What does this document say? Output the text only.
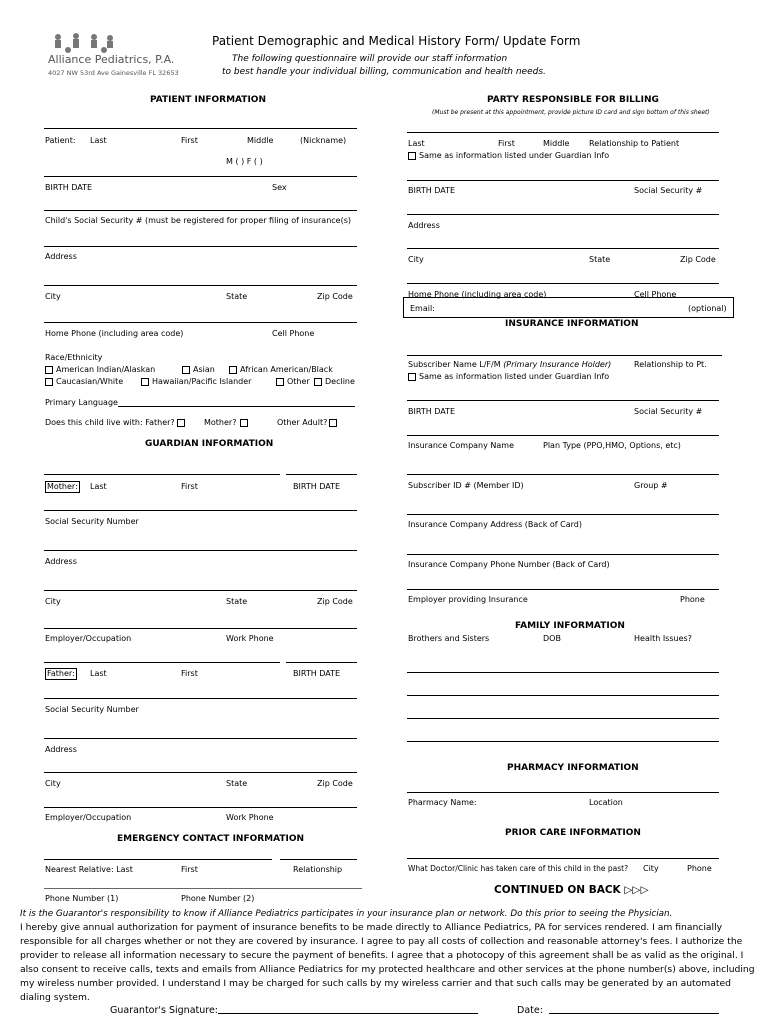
Alliance Pediatrics, P.A.
4027 NW 53rd Ave Gainesville FL 32653
Patient Demographic and Medical History Form/ Update Form
The following questionnaire will provide our staff information
to best handle your individual billing, communication and health needs.
PATIENT INFORMATION
Patient: Last	First	Middle	(Nickname)
M ( ) F ( )
BIRTH DATE	Sex
Child's Social Security # (must be registered for proper filing of insurance(s)
Address
City	State	Zip Code
Home Phone (including area code)	Cell Phone
Race/Ethnicity
American Indian/Alaskan	Asian	African American/Black
Caucasian/White	Hawaiian/Pacific Islander	Other	Decline
Primary Language
Does this child live with: Father?	Mother?	Other Adult?
GUARDIAN INFORMATION
Mother: Last	First	BIRTH DATE
Social Security Number
Address
City	State	Zip Code
Employer/Occupation	Work Phone
Father: Last	First	BIRTH DATE
Social Security Number
Address
City	State	Zip Code
Employer/Occupation	Work Phone
EMERGENCY CONTACT INFORMATION
Nearest Relative: Last	First	Relationship
Phone Number (1)	Phone Number (2)
PARTY RESPONSIBLE FOR BILLING
(Must be present at this appointment, provide picture ID card and sign bottom of this sheet)
Last	First	Middle Relationship to Patient
Same as information listed under Guardian Info
BIRTH DATE	Social Security #
Address
City	State	Zip Code
Home Phone (including area code)	Cell Phone
Email:	(optional)
INSURANCE INFORMATION
Subscriber Name L/F/M (Primary Insurance Holder)	Relationship to Pt.
Same as information listed under Guardian Info
BIRTH DATE	Social Security #
Insurance Company Name	Plan Type (PPO,HMO, Options, etc)
Subscriber ID # (Member ID)	Group #
Insurance Company Address (Back of Card)
Insurance Company Phone Number (Back of Card)
Employer providing Insurance	Phone
FAMILY INFORMATION
Brothers and Sisters	DOB	Health Issues?
PHARMACY INFORMATION
Pharmacy Name:	Location
PRIOR CARE INFORMATION
What Doctor/Clinic has taken care of this child in the past? City	Phone
CONTINUED ON BACK ▷▷▷
It is the Guarantor's responsibility to know if Alliance Pediatrics participates in your insurance plan or network. Do this prior to seeing the Physician.
I hereby give annual authorization for payment of insurance benefits to be made directly to Alliance Pediatrics, PA for services rendered. I am financially responsible for all charges whether or not they are covered by insurance. I agree to pay all costs of collection and reasonable attorney's fees. I authorize the provider to release all information necessary to secure the payment of benefits. I agree that a photocopy of this agreement shall be as valid as the original. I also consent to receive calls, texts and emails from Alliance Pediatrics for my protected healthcare and other services at the phone number(s) above, including my wireless number provided. I understand I may be charged for such calls by my wireless carrier and that such calls may be generated by an automated dialing system.
Guarantor's Signature:	Date:
